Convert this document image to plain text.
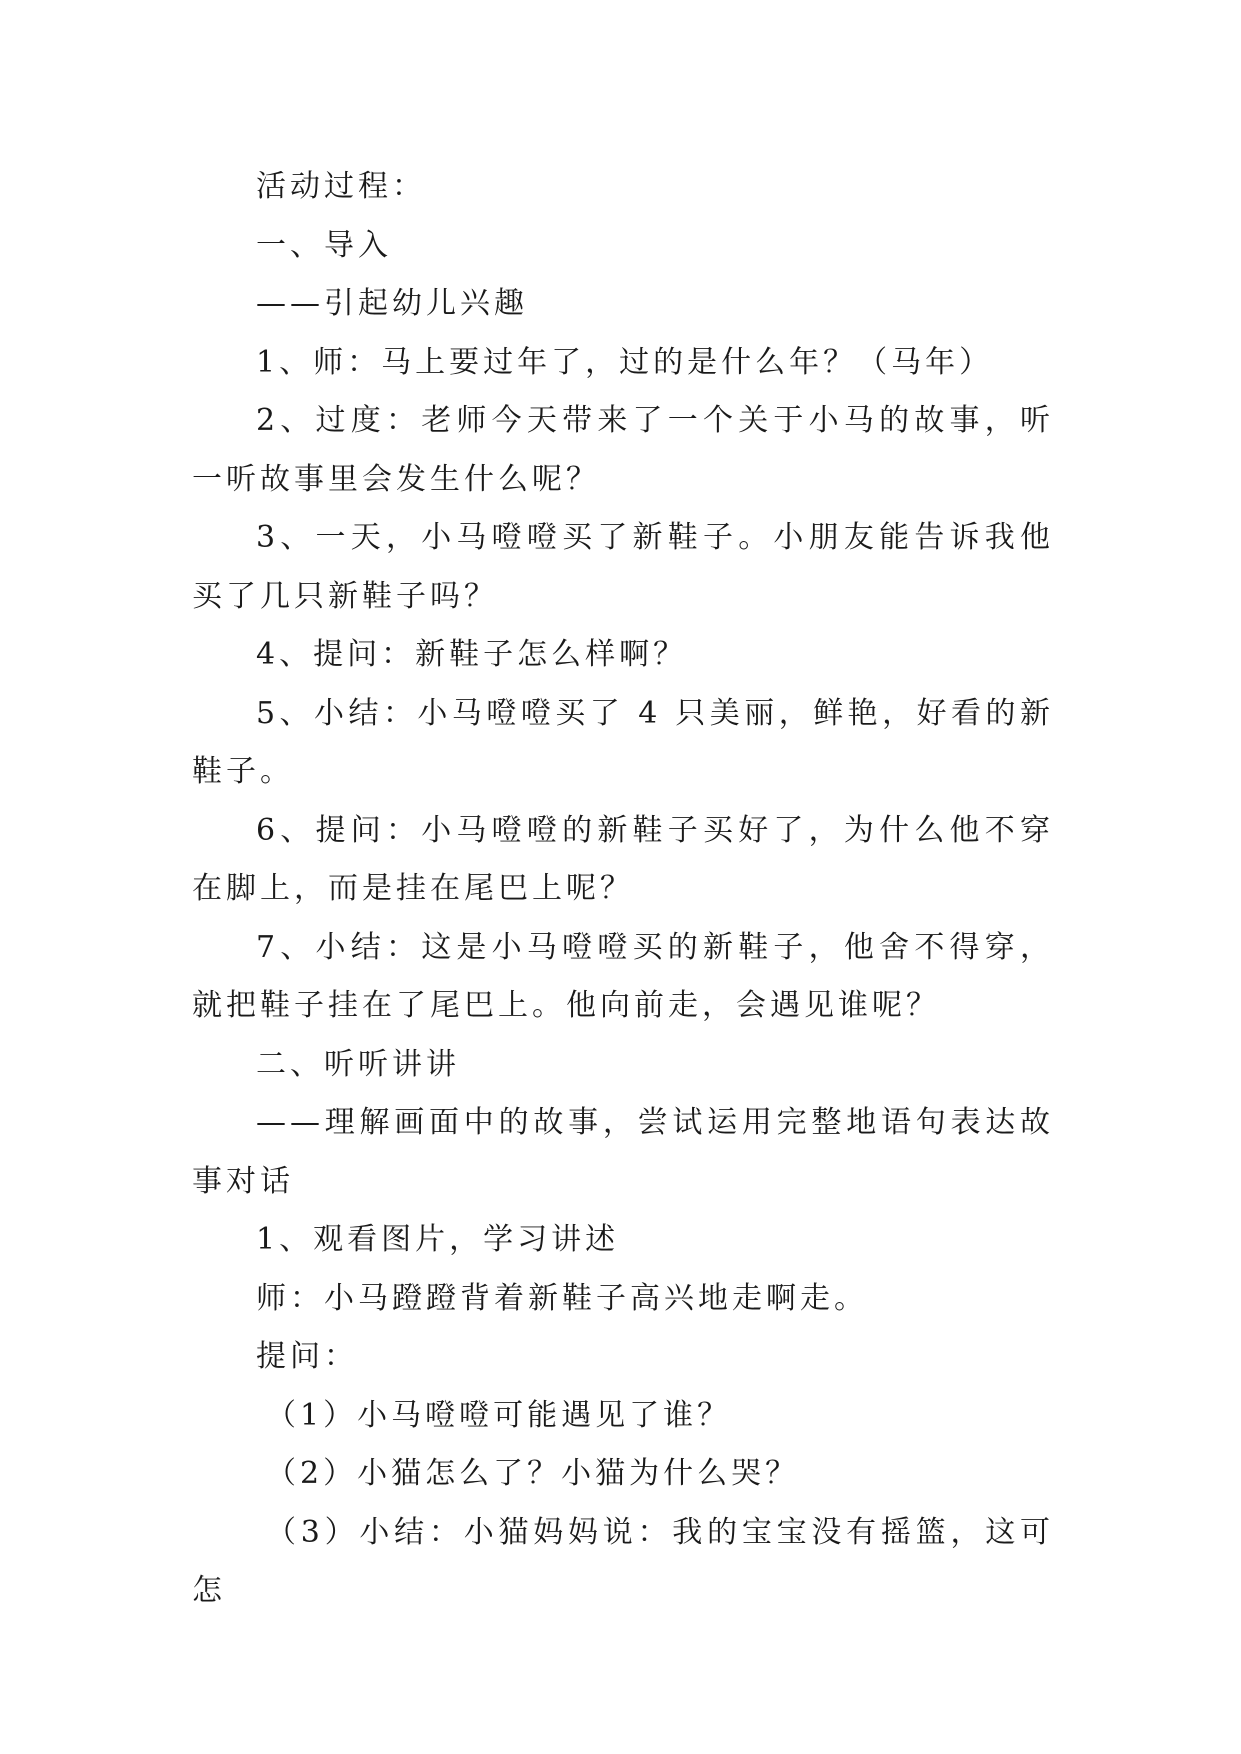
活动过程：

一、导入

——引起幼儿兴趣

1、师：马上要过年了，过的是什么年？（马年）

2、过度：老师今天带来了一个关于小马的故事，听一听故事里会发生什么呢？

3、一天，小马噔噔买了新鞋子。小朋友能告诉我他买了几只新鞋子吗？

4、提问：新鞋子怎么样啊？

5、小结：小马噔噔买了 4 只美丽，鲜艳，好看的新鞋子。

6、提问：小马噔噔的新鞋子买好了，为什么他不穿在脚上，而是挂在尾巴上呢？

7、小结：这是小马噔噔买的新鞋子，他舍不得穿，就把鞋子挂在了尾巴上。他向前走，会遇见谁呢？

二、听听讲讲

——理解画面中的故事，尝试运用完整地语句表达故事对话

1、观看图片，学习讲述

师：小马蹬蹬背着新鞋子高兴地走啊走。

提问：

（1）小马噔噔可能遇见了谁？

（2）小猫怎么了？小猫为什么哭？

（3）小结：小猫妈妈说：我的宝宝没有摇篮，这可怎
